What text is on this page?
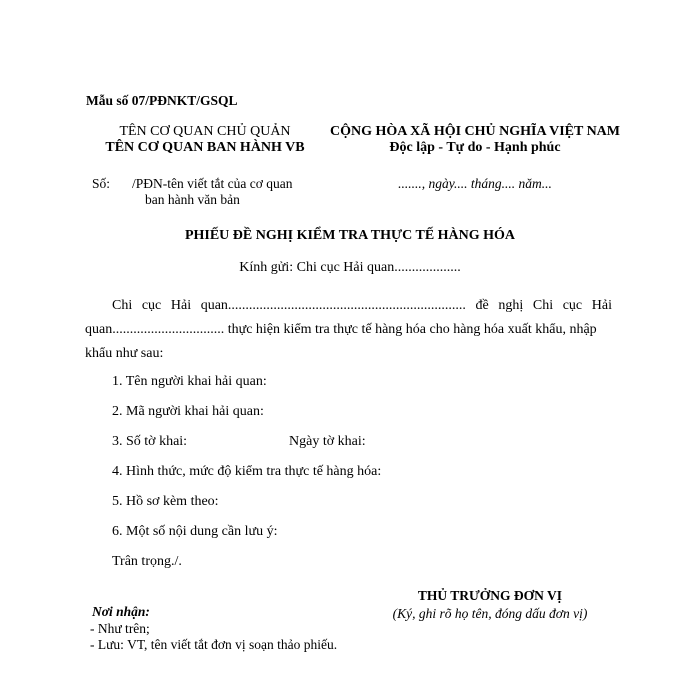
Mẫu số 07/PĐNKT/GSQL
TÊN CƠ QUAN CHỦ QUẢN
TÊN CƠ QUAN BAN HÀNH VB
CỘNG HÒA XÃ HỘI CHỦ NGHĨA VIỆT NAM
Độc lập - Tự do - Hạnh phúc
Số: /PĐN-tên viết tắt của cơ quan
ban hành văn bản
......., ngày.... tháng.... năm...
PHIẾU ĐỀ NGHỊ KIỂM TRA THỰC TẾ HÀNG HÓA
Kính gửi: Chi cục Hải quan...................
Chi cục Hải quan.................................................................... đề nghị Chi cục Hải
quan................................ thực hiện kiểm tra thực tế hàng hóa cho hàng hóa xuất khẩu, nhập
khẩu như sau:
1. Tên người khai hải quan:
2. Mã người khai hải quan:
3. Số tờ khai:	Ngày tờ khai:
4. Hình thức, mức độ kiểm tra thực tế hàng hóa:
5. Hồ sơ kèm theo:
6. Một số nội dung cần lưu ý:
Trân trọng./.
THỦ TRƯỞNG ĐƠN VỊ
(Ký, ghi rõ họ tên, đóng dấu đơn vị)
Nơi nhận:
- Như trên;
- Lưu: VT, tên viết tắt đơn vị soạn thảo phiếu.
